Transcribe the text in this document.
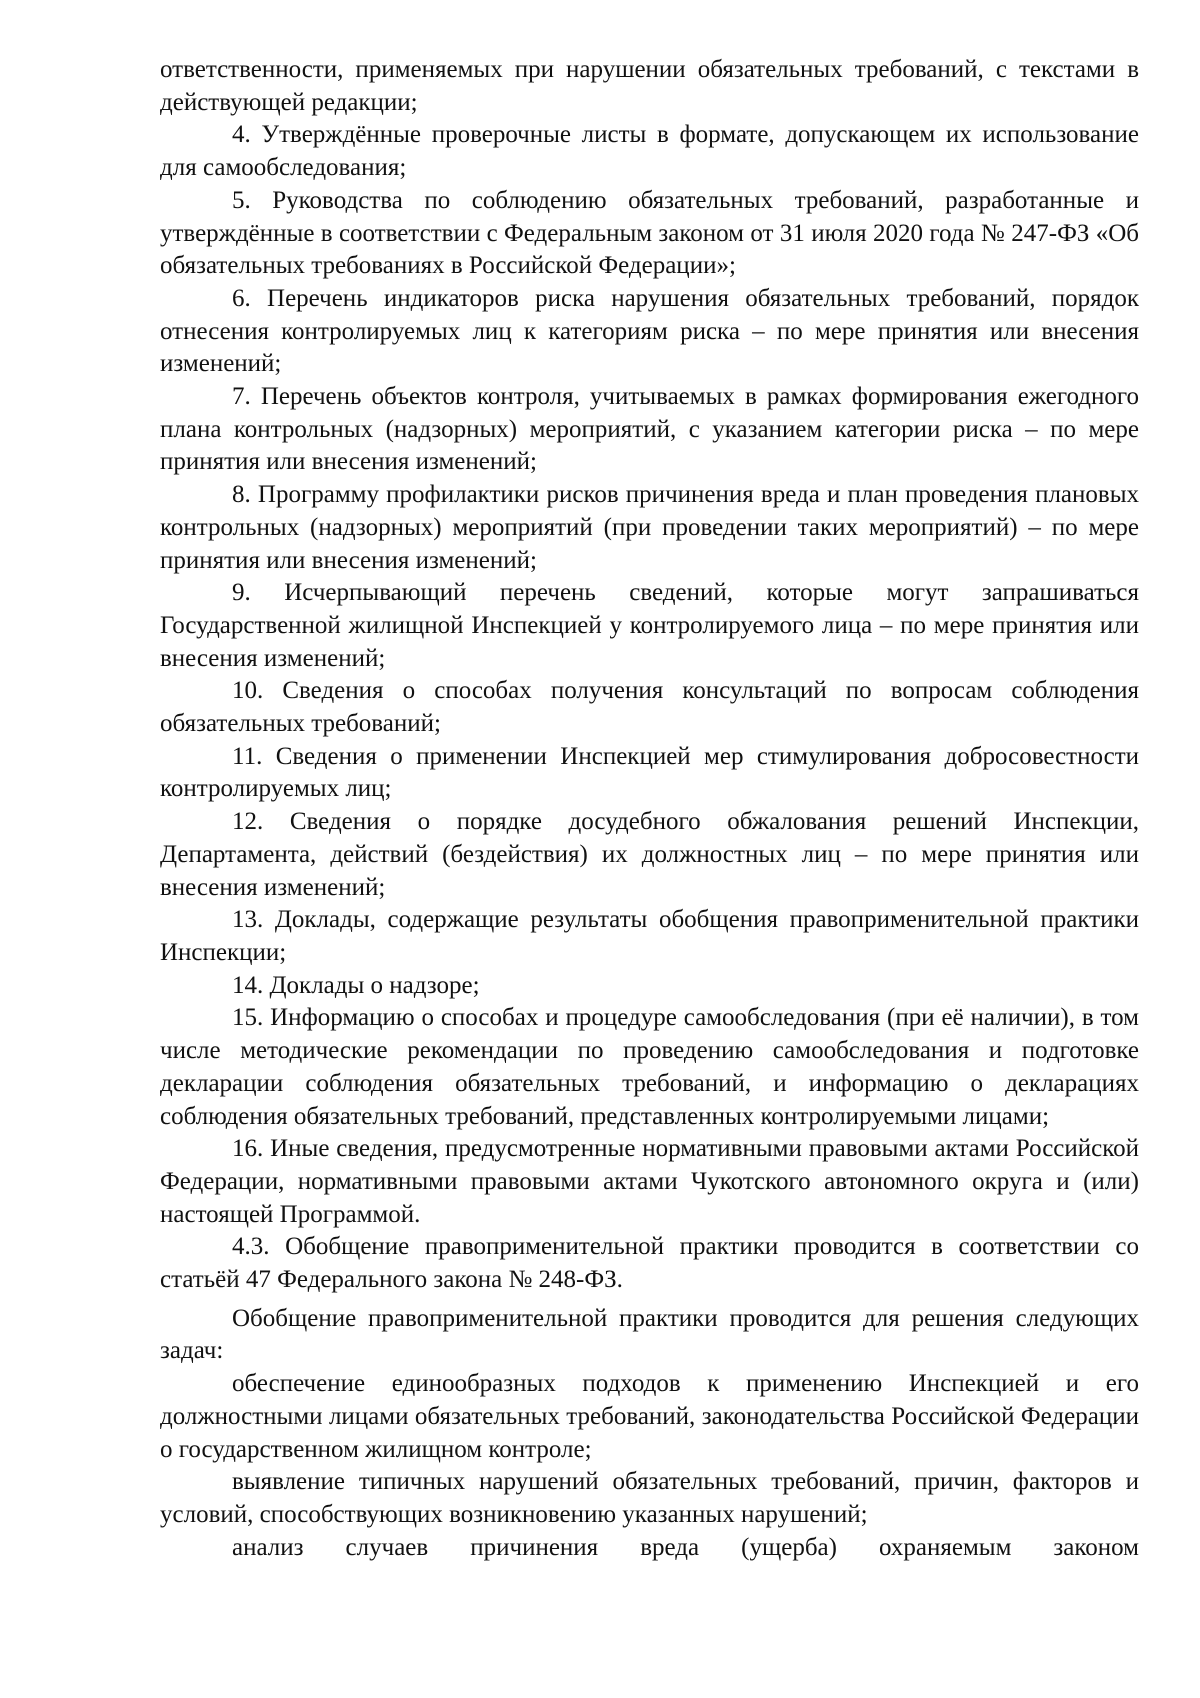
ответственности, применяемых при нарушении обязательных требований, с текстами в действующей редакции;

4. Утверждённые проверочные листы в формате, допускающем их использование для самообследования;

5. Руководства по соблюдению обязательных требований, разработанные и утверждённые в соответствии с Федеральным законом от 31 июля 2020 года № 247-ФЗ «Об обязательных требованиях в Российской Федерации»;

6. Перечень индикаторов риска нарушения обязательных требований, порядок отнесения контролируемых лиц к категориям риска – по мере принятия или внесения изменений;

7. Перечень объектов контроля, учитываемых в рамках формирования ежегодного плана контрольных (надзорных) мероприятий, с указанием категории риска – по мере принятия или внесения изменений;

8. Программу профилактики рисков причинения вреда и план проведения плановых контрольных (надзорных) мероприятий (при проведении таких мероприятий) – по мере принятия или внесения изменений;

9. Исчерпывающий перечень сведений, которые могут запрашиваться Государственной жилищной Инспекцией у контролируемого лица – по мере принятия или внесения изменений;

10. Сведения о способах получения консультаций по вопросам соблюдения обязательных требований;

11. Сведения о применении Инспекцией мер стимулирования добросовестности контролируемых лиц;

12. Сведения о порядке досудебного обжалования решений Инспекции, Департамента, действий (бездействия) их должностных лиц – по мере принятия или внесения изменений;

13. Доклады, содержащие результаты обобщения правоприменительной практики Инспекции;

14. Доклады о надзоре;

15. Информацию о способах и процедуре самообследования (при её наличии), в том числе методические рекомендации по проведению самообследования и подготовке декларации соблюдения обязательных требований, и информацию о декларациях соблюдения обязательных требований, представленных контролируемыми лицами;

16. Иные сведения, предусмотренные нормативными правовыми актами Российской Федерации, нормативными правовыми актами Чукотского автономного округа и (или) настоящей Программой.

4.3. Обобщение правоприменительной практики проводится в соответствии со статьёй 47 Федерального закона № 248-ФЗ.

Обобщение правоприменительной практики проводится для решения следующих задач:

обеспечение единообразных подходов к применению Инспекцией и его должностными лицами обязательных требований, законодательства Российской Федерации о государственном жилищном контроле;

выявление типичных нарушений обязательных требований, причин, факторов и условий, способствующих возникновению указанных нарушений;

анализ случаев причинения вреда (ущерба) охраняемым законом
